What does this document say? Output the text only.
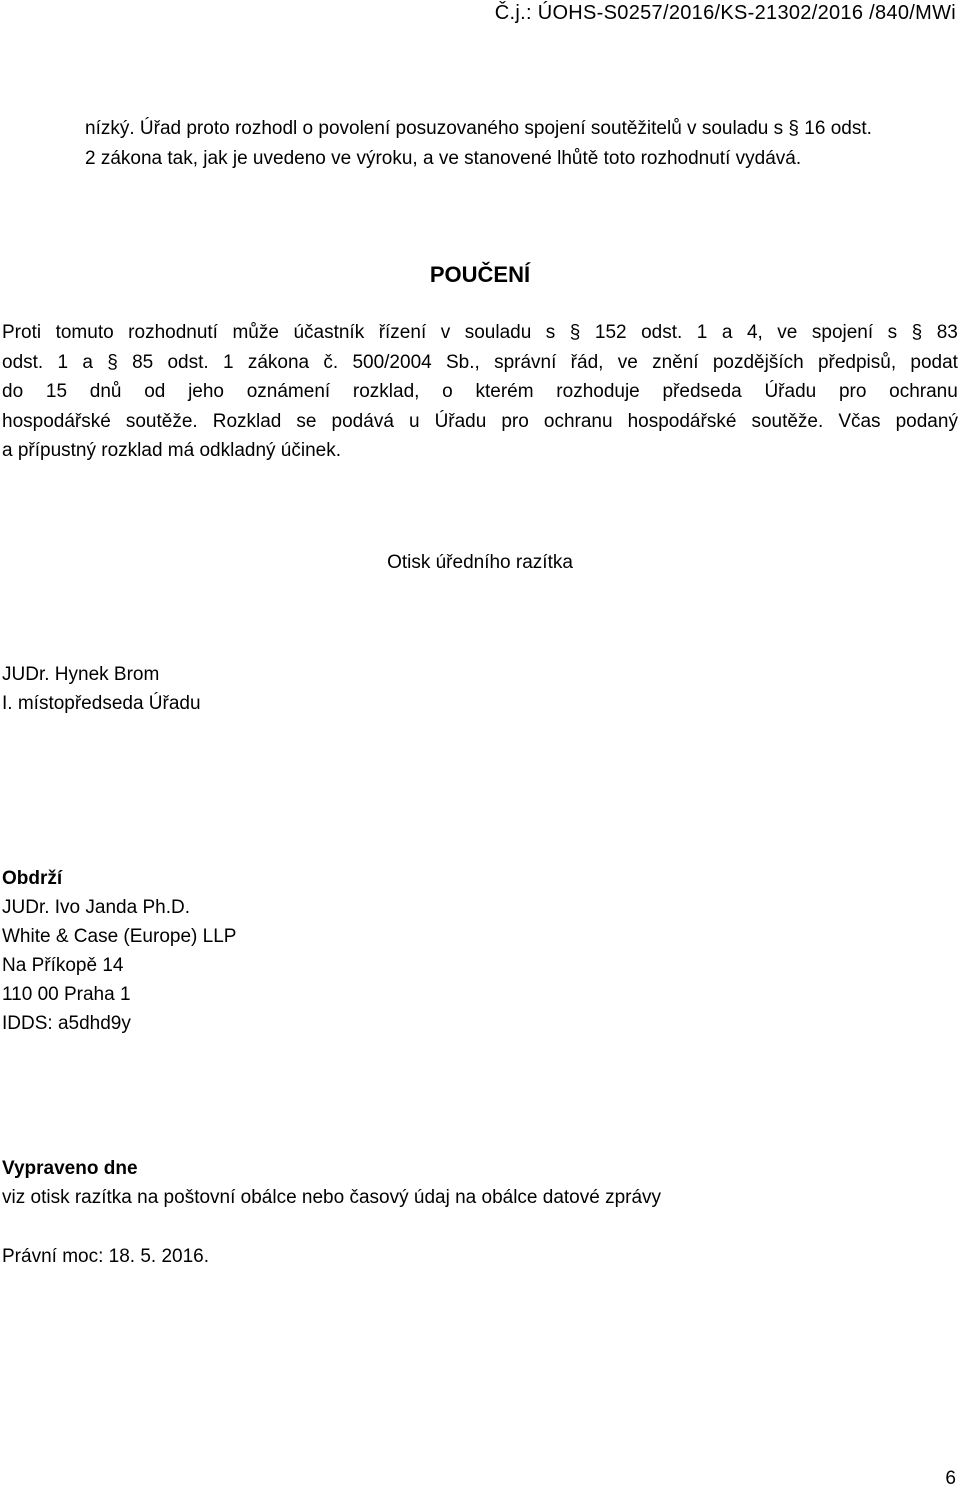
Č.j.: ÚOHS-S0257/2016/KS-21302/2016 /840/MWi
nízký. Úřad proto rozhodl o povolení posuzovaného spojení soutěžitelů v souladu s § 16 odst.
2 zákona tak, jak je uvedeno ve výroku, a ve stanovené lhůtě toto rozhodnutí vydává.
POUČENÍ
Proti tomuto rozhodnutí může účastník řízení v souladu s § 152 odst. 1 a 4, ve spojení s § 83
odst. 1 a § 85 odst. 1 zákona č. 500/2004 Sb., správní řád, ve znění pozdějších předpisů, podat
do 15 dnů od jeho oznámení rozklad, o kterém rozhoduje předseda Úřadu pro ochranu
hospodářské soutěže. Rozklad se podává u Úřadu pro ochranu hospodářské soutěže. Včas podaný
a přípustný rozklad má odkladný účinek.
Otisk úředního razítka
JUDr. Hynek Brom
I. místopředseda Úřadu
Obdrží
JUDr. Ivo Janda Ph.D.
White & Case (Europe) LLP
Na Příkopě 14
110 00 Praha 1
IDDS: a5dhd9y
Vypraveno dne
viz otisk razítka na poštovní obálce nebo časový údaj na obálce datové zprávy
Právní moc: 18. 5. 2016.
6
